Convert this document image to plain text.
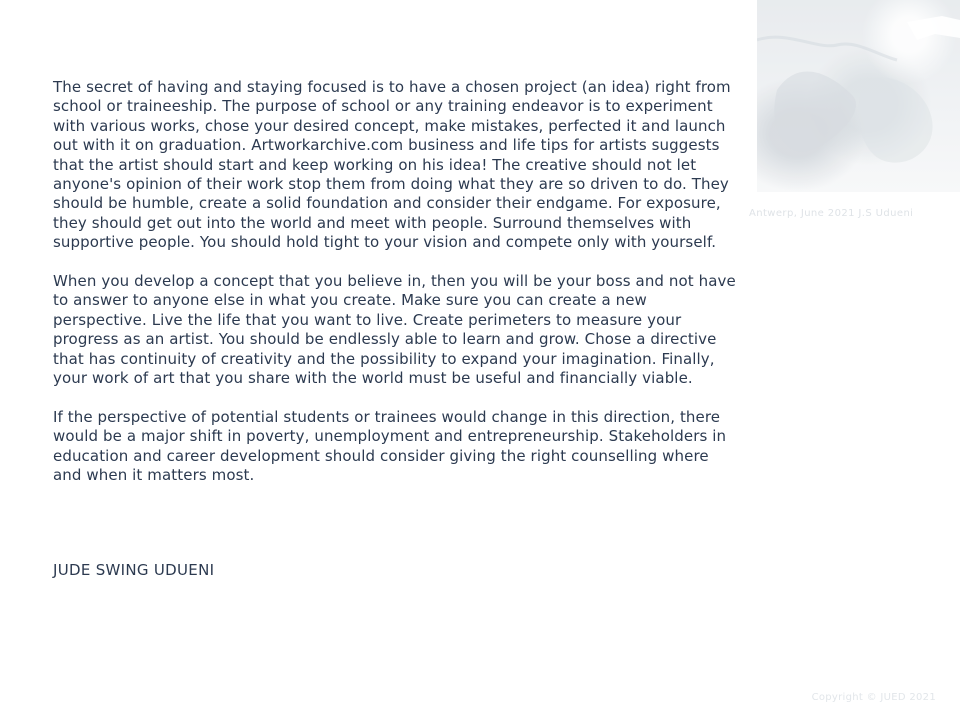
Antwerp, June 2021 J.S Udueni

The secret of having and staying focused is to have a chosen project (an idea) right from school or traineeship. The purpose of school or any training endeavor is to experiment with various works, chose your desired concept, make mistakes, perfected it and launch out with it on graduation. Artworkarchive.com business and life tips for artists suggests that the artist should start and keep working on his idea! The creative should not let anyone's opinion of their work stop them from doing what they are so driven to do. They should be humble, create a solid foundation and consider their endgame. For exposure, they should get out into the world and meet with people. Surround themselves with supportive people. You should hold tight to your vision and compete only with yourself.

When you develop a concept that you believe in, then you will be your boss and not have to answer to anyone else in what you create. Make sure you can create a new perspective. Live the life that you want to live. Create perimeters to measure your progress as an artist. You should be endlessly able to learn and grow. Chose a directive that has continuity of creativity and the possibility to expand your imagination. Finally, your work of art that you share with the world must be useful and financially viable.

If the perspective of potential students or trainees would change in this direction, there would be a major shift in poverty, unemployment and entrepreneurship. Stakeholders in education and career development should consider giving the right counselling where and when it matters most.

JUDE SWING UDUENI
Copyright © JUED 2021
